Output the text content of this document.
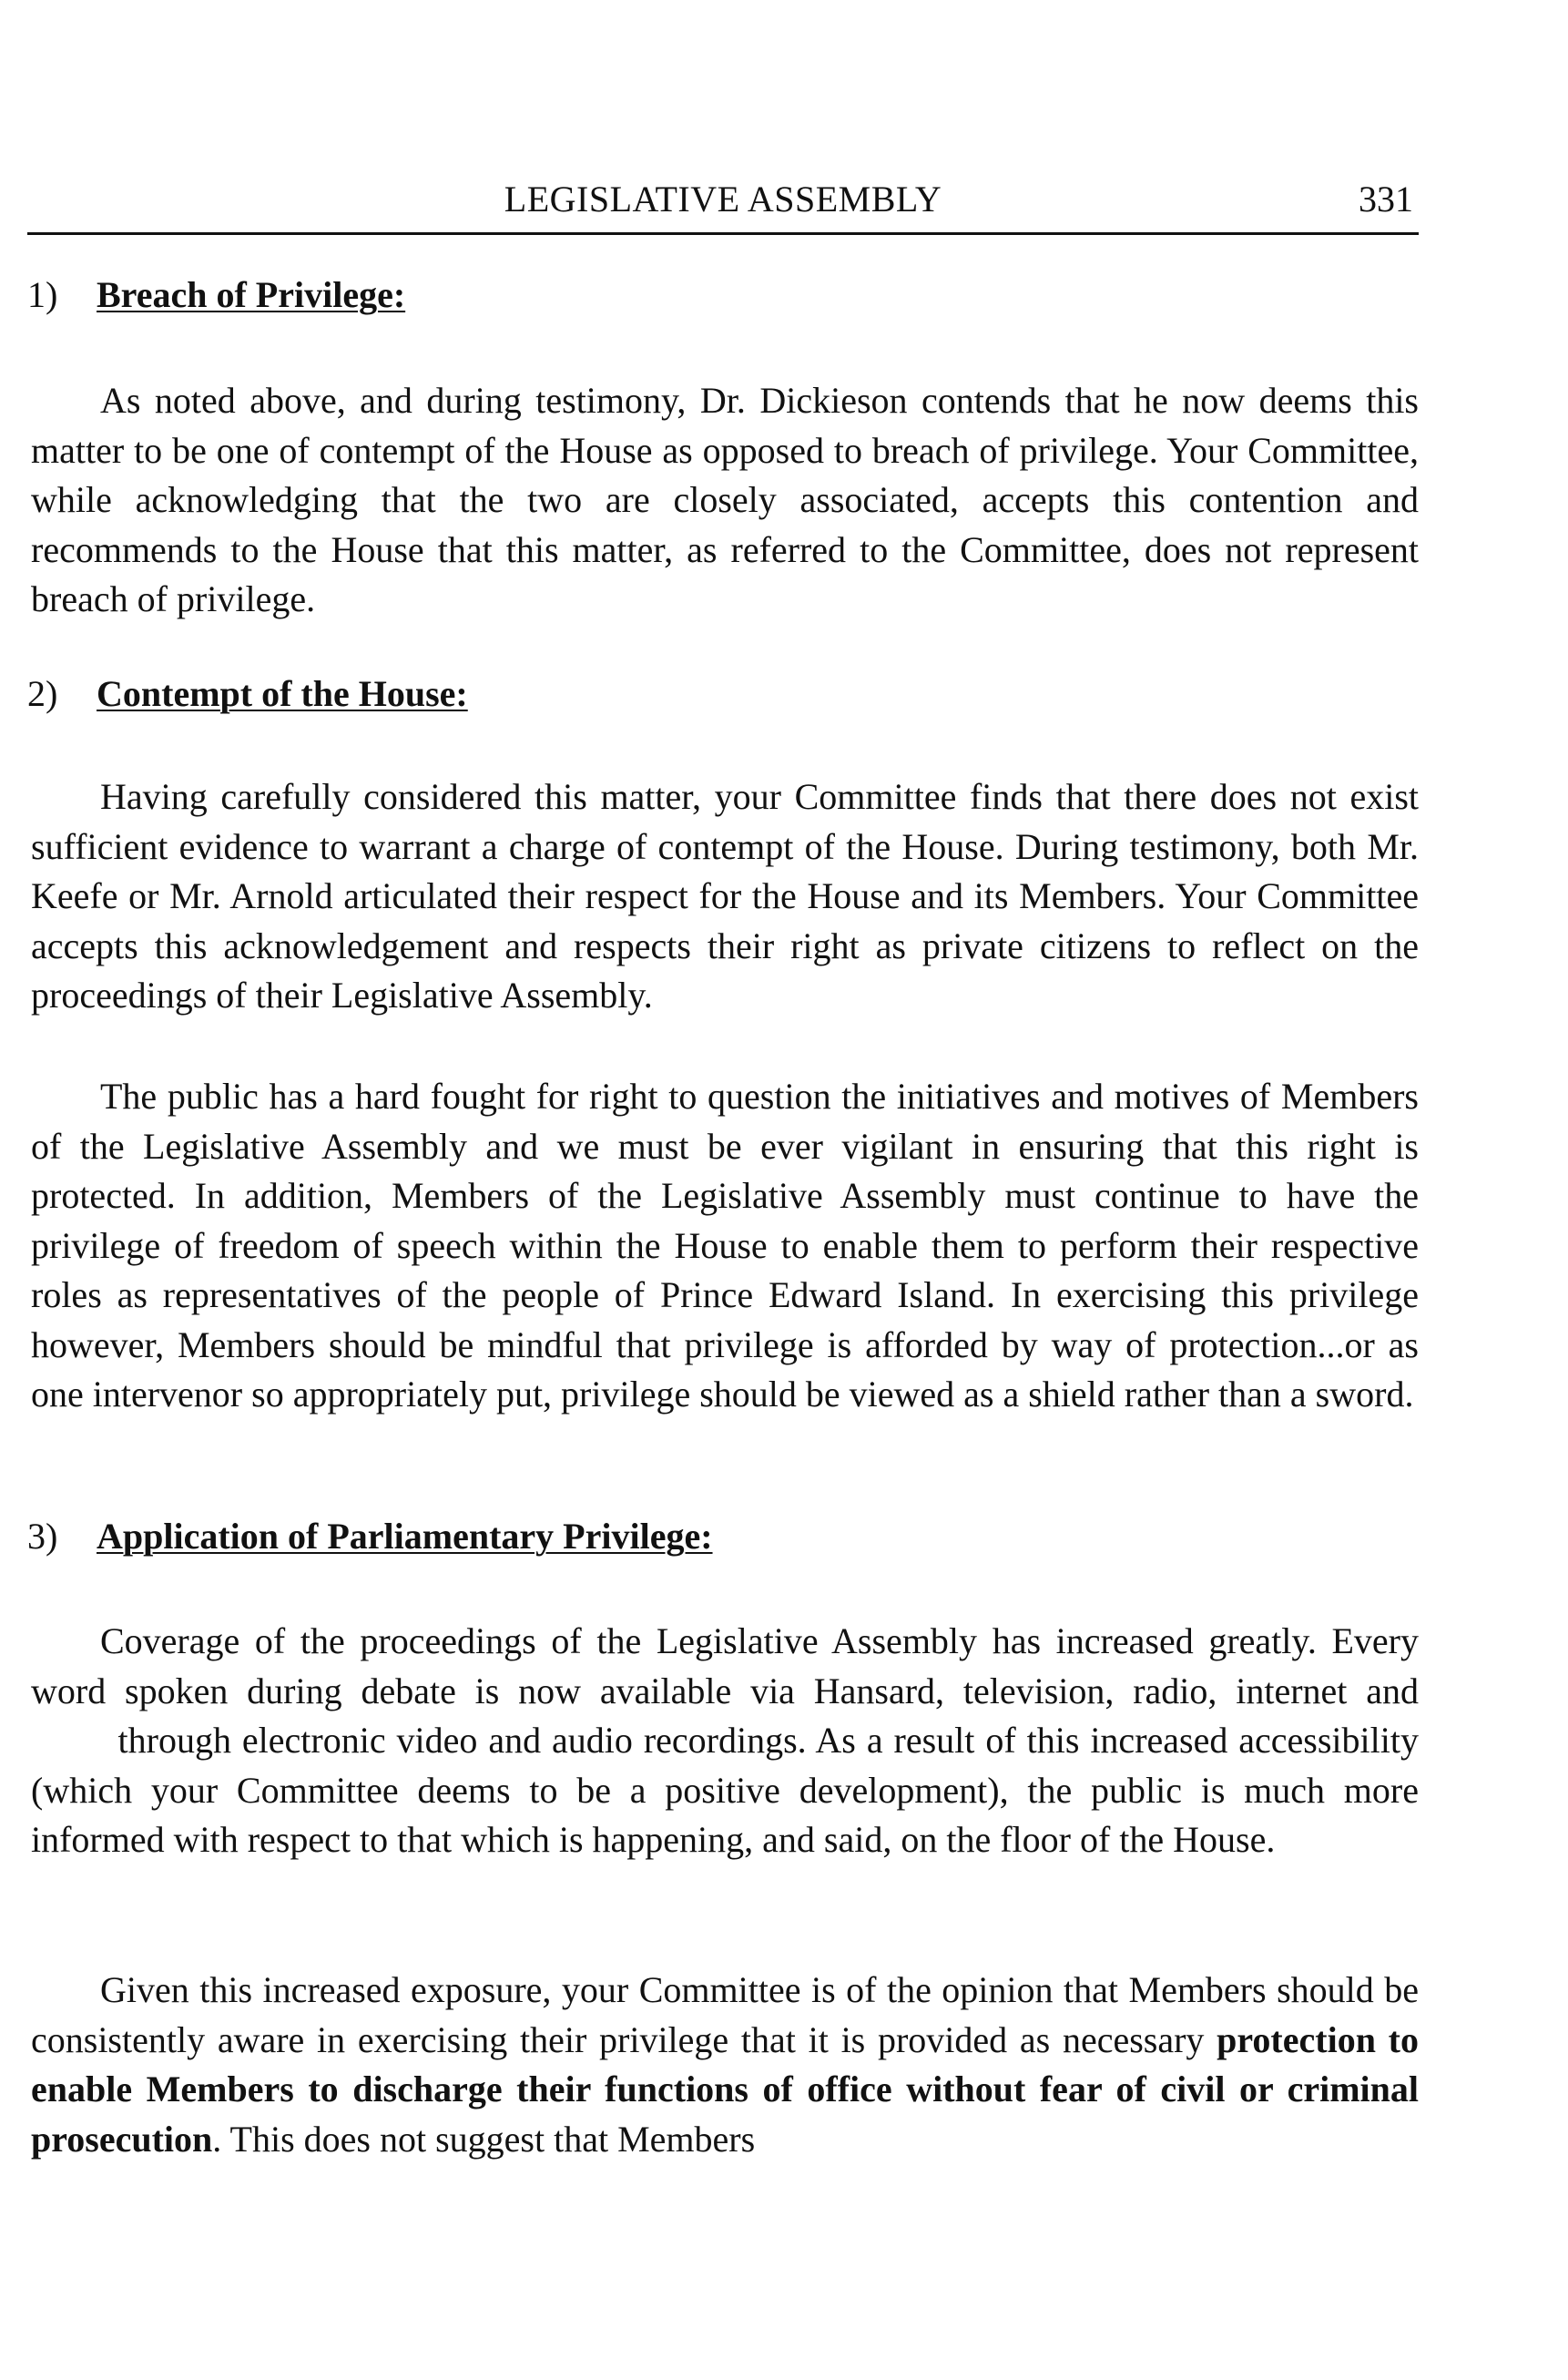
LEGISLATIVE ASSEMBLY	331
1) Breach of Privilege:

As noted above, and during testimony, Dr. Dickieson contends that he now deems this matter to be one of contempt of the House as opposed to breach of privilege. Your Committee, while acknowledging that the two are closely associated, accepts this contention and recommends to the House that this matter, as referred to the Committee, does not represent breach of privilege.

2) Contempt of the House:

Having carefully considered this matter, your Committee finds that there does not exist sufficient evidence to warrant a charge of contempt of the House. During testimony, both Mr. Keefe or Mr. Arnold articulated their respect for the House and its Members. Your Committee accepts this acknowledgement and respects their right as private citizens to reflect on the proceedings of their Legislative Assembly.

The public has a hard fought for right to question the initiatives and motives of Members of the Legislative Assembly and we must be ever vigilant in ensuring that this right is protected. In addition, Members of the Legislative Assembly must continue to have the privilege of freedom of speech within the House to enable them to perform their respective roles as representatives of the people of Prince Edward Island. In exercising this privilege however, Members should be mindful that privilege is afforded by way of protection...or as one intervenor so appropriately put, privilege should be viewed as a shield rather than a sword.

3) Application of Parliamentary Privilege:

Coverage of the proceedings of the Legislative Assembly has increased greatly. Every word spoken during debate is now available via Hansard, television, radio, internet and         through electronic video and audio recordings. As a result of this increased accessibility (which your Committee deems to be a positive development), the public is much more informed with respect to that which is happening, and said, on the floor of the House.

Given this increased exposure, your Committee is of the opinion that Members should be consistently aware in exercising their privilege that it is provided as necessary protection to enable Members to discharge their functions of office without fear of civil or criminal prosecution. This does not suggest that Members
